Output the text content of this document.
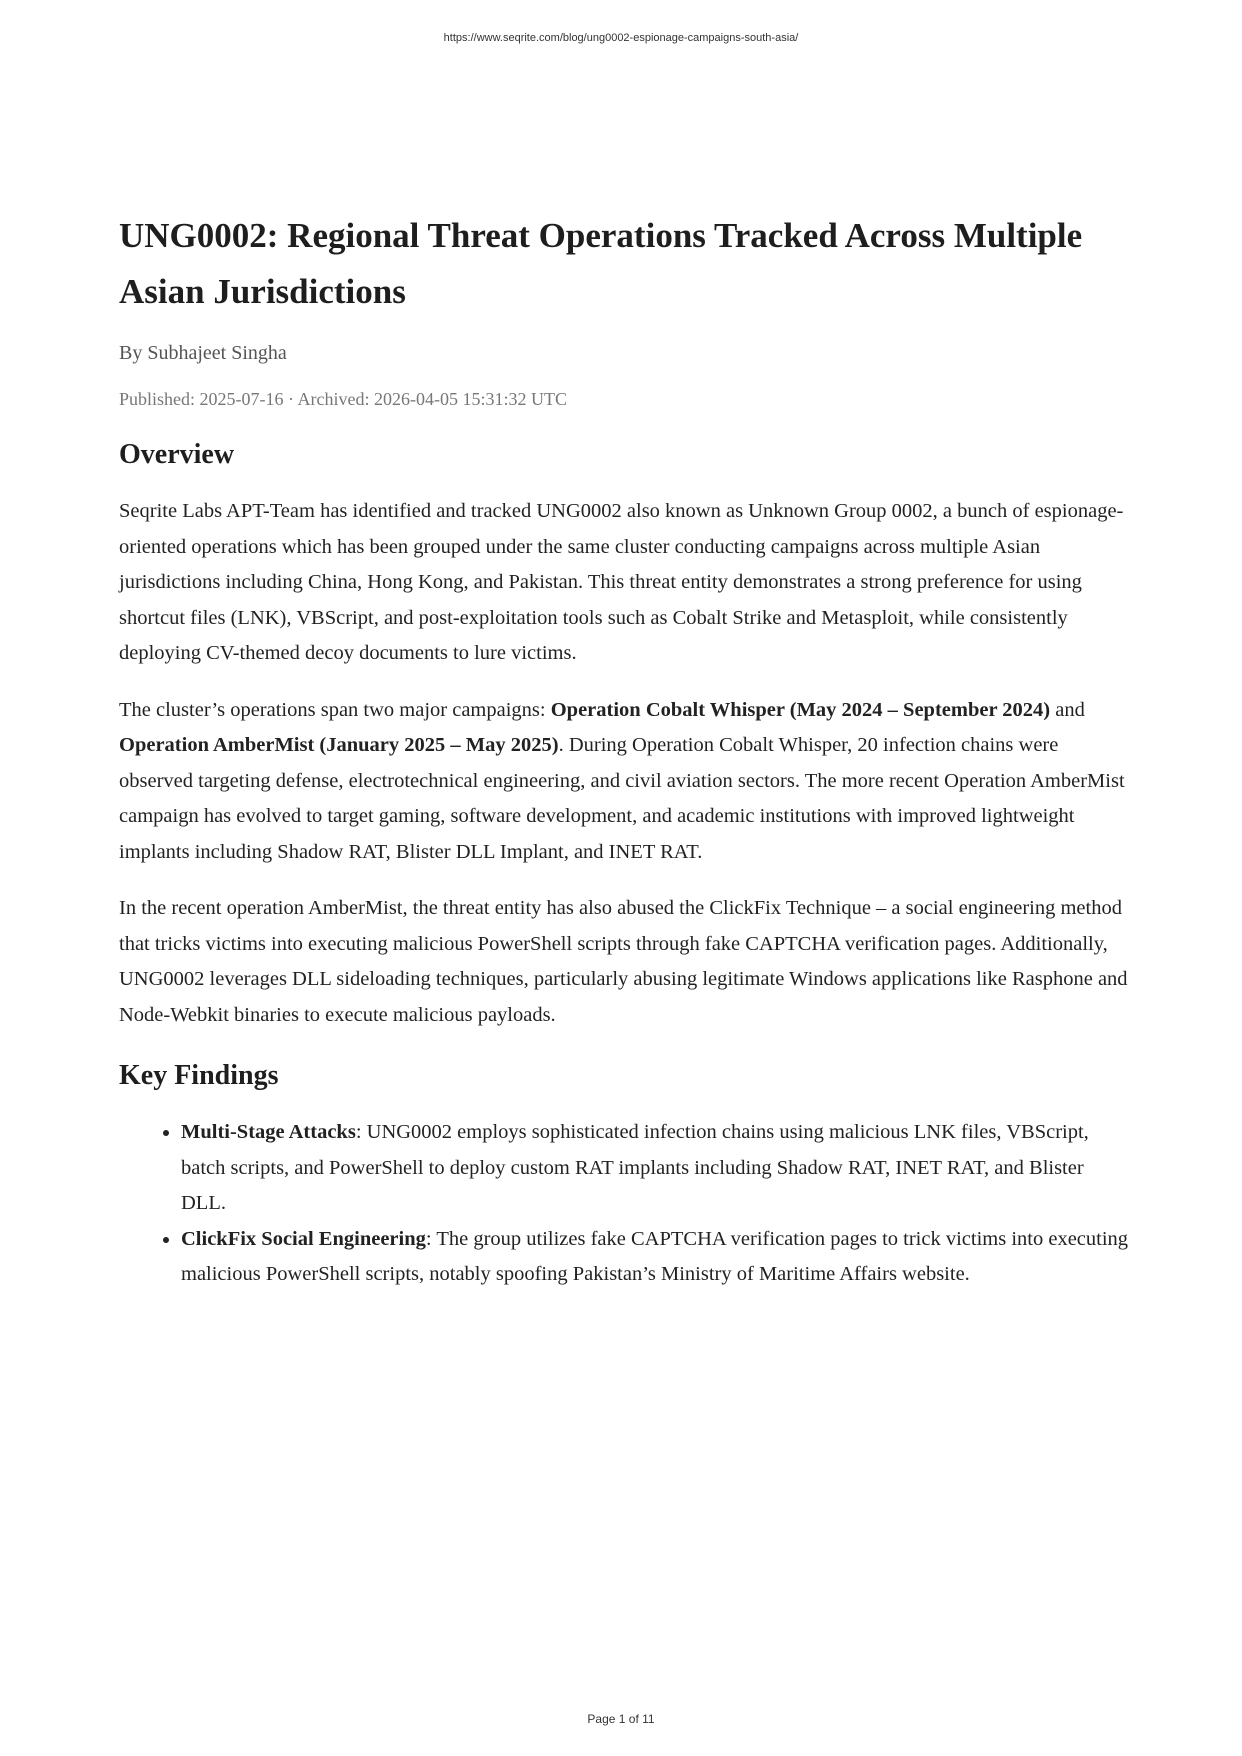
https://www.seqrite.com/blog/ung0002-espionage-campaigns-south-asia/
UNG0002: Regional Threat Operations Tracked Across Multiple Asian Jurisdictions
By Subhajeet Singha
Published: 2025-07-16 · Archived: 2026-04-05 15:31:32 UTC
Overview

Seqrite Labs APT-Team has identified and tracked UNG0002 also known as Unknown Group 0002, a bunch of espionage-oriented operations which has been grouped under the same cluster conducting campaigns across multiple Asian jurisdictions including China, Hong Kong, and Pakistan. This threat entity demonstrates a strong preference for using shortcut files (LNK), VBScript, and post-exploitation tools such as Cobalt Strike and Metasploit, while consistently deploying CV-themed decoy documents to lure victims.

The cluster’s operations span two major campaigns: Operation Cobalt Whisper (May 2024 – September 2024) and Operation AmberMist (January 2025 – May 2025). During Operation Cobalt Whisper, 20 infection chains were observed targeting defense, electrotechnical engineering, and civil aviation sectors. The more recent Operation AmberMist campaign has evolved to target gaming, software development, and academic institutions with improved lightweight implants including Shadow RAT, Blister DLL Implant, and INET RAT.

In the recent operation AmberMist, the threat entity has also abused the ClickFix Technique – a social engineering method that tricks victims into executing malicious PowerShell scripts through fake CAPTCHA verification pages. Additionally, UNG0002 leverages DLL sideloading techniques, particularly abusing legitimate Windows applications like Rasphone and Node-Webkit binaries to execute malicious payloads.

Key Findings
• Multi-Stage Attacks: UNG0002 employs sophisticated infection chains using malicious LNK files, VBScript, batch scripts, and PowerShell to deploy custom RAT implants including Shadow RAT, INET RAT, and Blister DLL.
• ClickFix Social Engineering: The group utilizes fake CAPTCHA verification pages to trick victims into executing malicious PowerShell scripts, notably spoofing Pakistan’s Ministry of Maritime Affairs website.
Page 1 of 11
